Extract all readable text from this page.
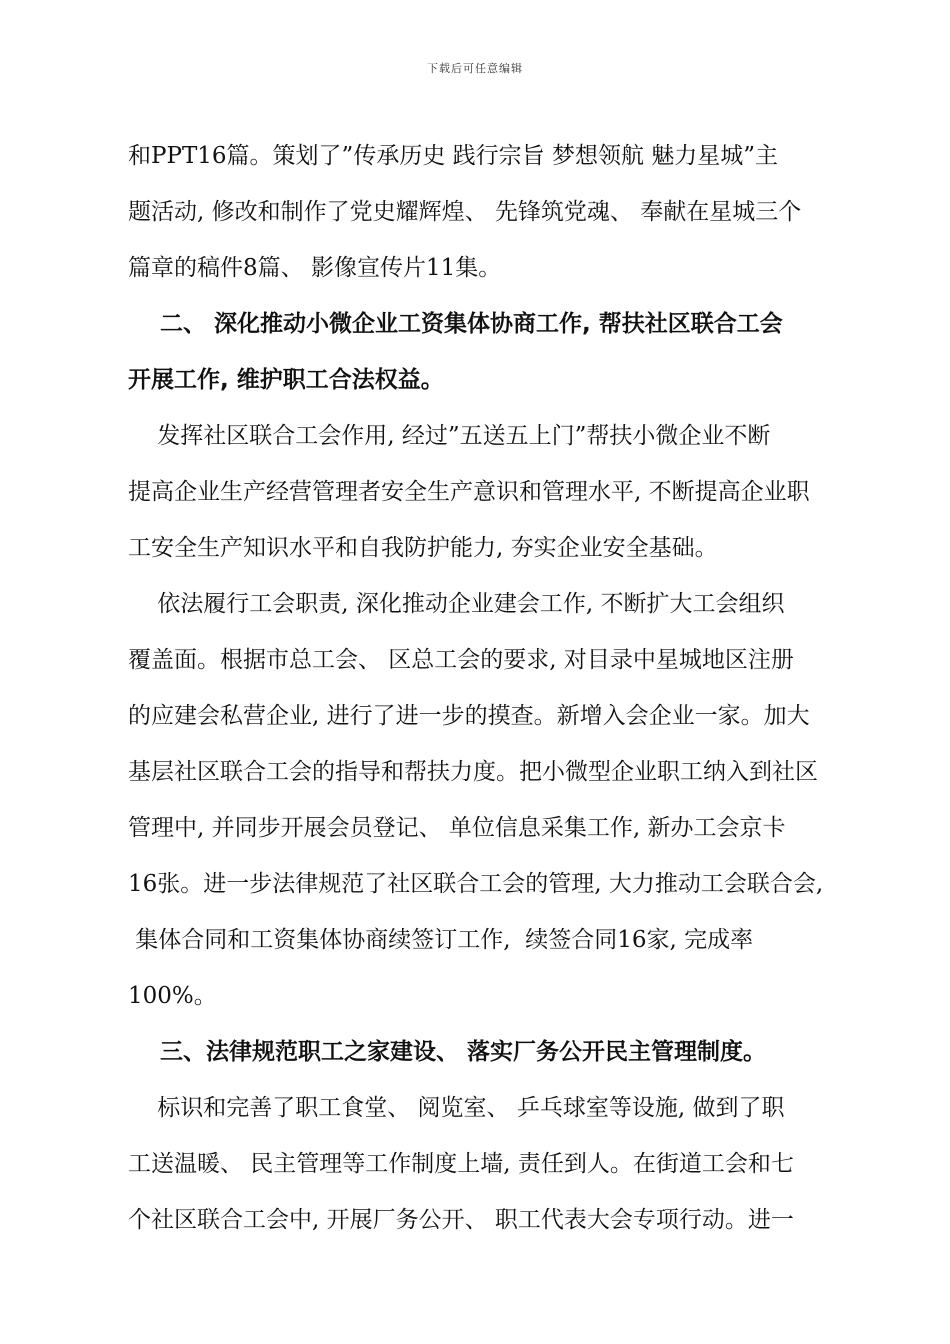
下载后可任意编辑
和PPT16篇。策划了”传承历史 践行宗旨 梦想领航 魅力星城”主
题活动, 修改和制作了党史耀辉煌、 先锋筑党魂、 奉献在星城三个
篇章的稿件8篇、 影像宣传片11集。
二、 深化推动小微企业工资集体协商工作, 帮扶社区联合工会
开展工作, 维护职工合法权益。
发挥社区联合工会作用, 经过”五送五上门”帮扶小微企业不断
提高企业生产经营管理者安全生产意识和管理水平, 不断提高企业职
工安全生产知识水平和自我防护能力, 夯实企业安全基础。
依法履行工会职责, 深化推动企业建会工作, 不断扩大工会组织
覆盖面。根据市总工会、 区总工会的要求, 对目录中星城地区注册
的应建会私营企业, 进行了进一步的摸查。新增入会企业一家。加大
基层社区联合工会的指导和帮扶力度。把小微型企业职工纳入到社区
管理中, 并同步开展会员登记、 单位信息采集工作, 新办工会京卡
16张。进一步法律规范了社区联合工会的管理, 大力推动工会联合会,
集体合同和工资集体协商续签订工作,  续签合同16家, 完成率
100%。
三、法律规范职工之家建设、 落实厂务公开民主管理制度。
标识和完善了职工食堂、 阅览室、 乒乓球室等设施, 做到了职
工送温暖、 民主管理等工作制度上墙, 责任到人。在街道工会和七
个社区联合工会中, 开展厂务公开、 职工代表大会专项行动。进一
